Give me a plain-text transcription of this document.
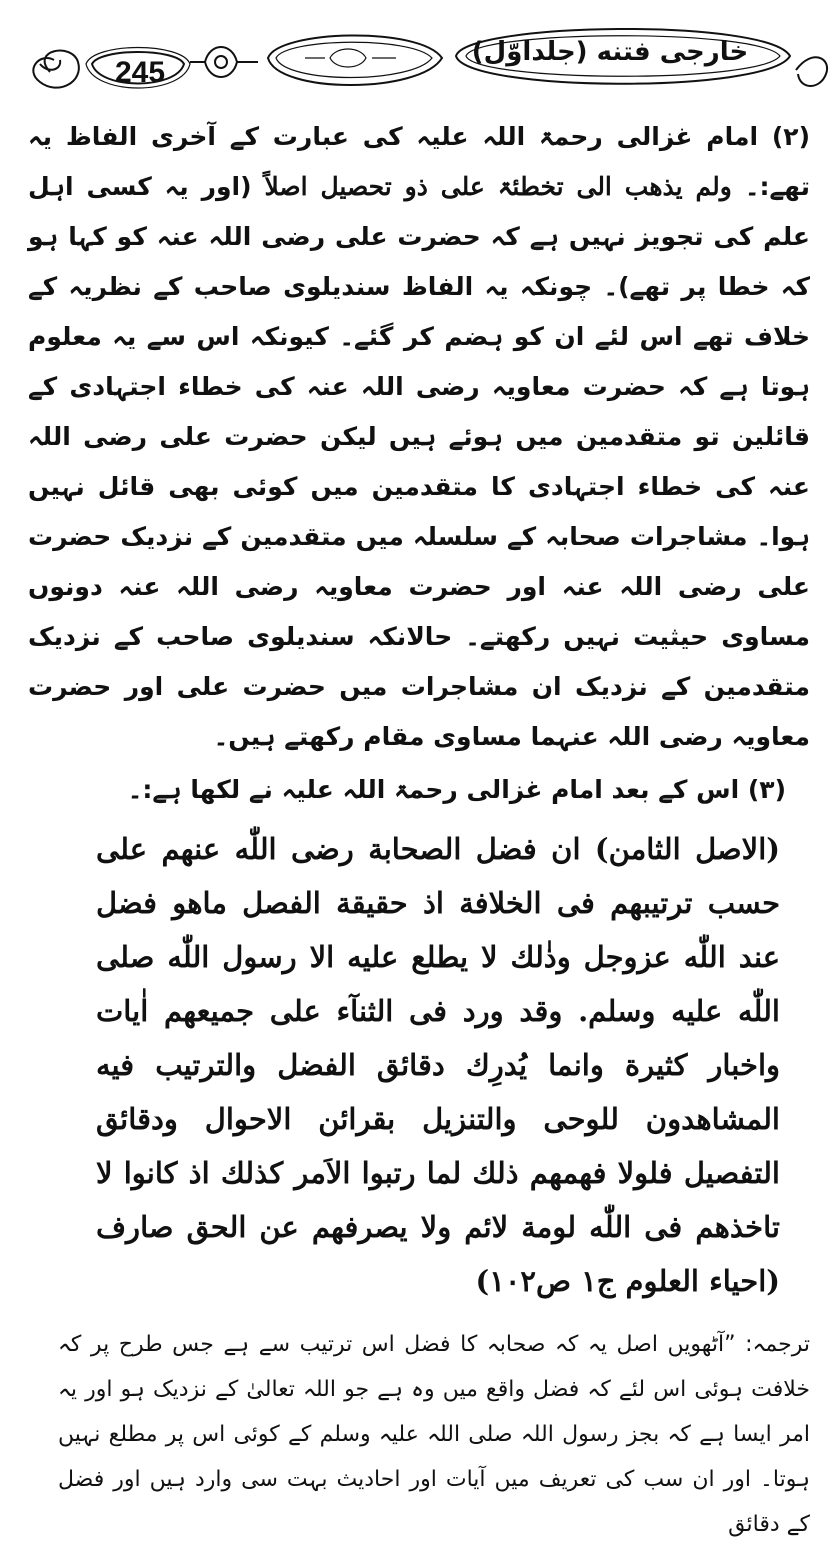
245
خارجی فتنه (جلداوّل)

(۲) امام غزالی رحمۃ اللہ علیہ کی عبارت کے آخری الفاظ یہ تھے:۔ ولم یذھب الی تخطئۃ علی ذو تحصیل اصلاً (اور یہ کسی اہل علم کی تجویز نہیں ہے کہ حضرت علی رضی اللہ عنہ کو کہا ہو کہ خطا پر تھے)۔ چونکہ یہ الفاظ سندیلوی صاحب کے نظریہ کے خلاف تھے اس لئے ان کو ہضم کر گئے۔ کیونکہ اس سے یہ معلوم ہوتا ہے کہ حضرت معاویہ رضی اللہ عنہ کی خطاء اجتہادی کے قائلین تو متقدمین میں ہوئے ہیں لیکن حضرت علی رضی اللہ عنہ کی خطاء اجتہادی کا متقدمین میں کوئی بھی قائل نہیں ہوا۔ مشاجرات صحابہ کے سلسلہ میں متقدمین کے نزدیک حضرت علی رضی اللہ عنہ اور حضرت معاویہ رضی اللہ عنہ دونوں مساوی حیثیت نہیں رکھتے۔ حالانکہ سندیلوی صاحب کے نزدیک متقدمین کے نزدیک ان مشاجرات میں حضرت علی اور حضرت معاویہ رضی اللہ عنہما مساوی مقام رکھتے ہیں۔

(۳) اس کے بعد امام غزالی رحمۃ اللہ علیہ نے لکھا ہے:۔

(الاصل الثامن) ان فضل الصحابة رضی اللّٰه عنهم علی حسب ترتیبهم فی الخلافة اذ حقیقة الفصل ماهو فضل عند اللّٰه عزوجل وذٰلك لا يطلع عليه الا رسول اللّٰه صلی اللّٰه علیه وسلم. وقد ورد فی الثنآء علی جمیعهم اٰیات واخبار کثیرة وانما یُدرِك دقائق الفضل والترتیب فیه المشاهدون للوحی والتنزیل بقرائن الاحوال ودقائق التفصیل فلولا فهمهم ذلك لما رتبوا الاَمر كذلك اذ كانوا لا تاخذهم فی اللّٰه لومة لائم ولا یصرفهم عن الحق صارف (احیاء العلوم ج۱ ص۱۰۲)

ترجمہ: ”آٹھویں اصل یہ کہ صحابہ کا فضل اس ترتیب سے ہے جس طرح پر کہ خلافت ہوئی اس لئے کہ فضل واقع میں وہ ہے جو اللہ تعالیٰ کے نزدیک ہو اور یہ امر ایسا ہے کہ بجز رسول اللہ صلی اللہ علیہ وسلم کے کوئی اس پر مطلع نہیں ہوتا۔ اور ان سب کی تعریف میں آیات اور احادیث بہت سی وارد ہیں اور فضل کے دقائق
